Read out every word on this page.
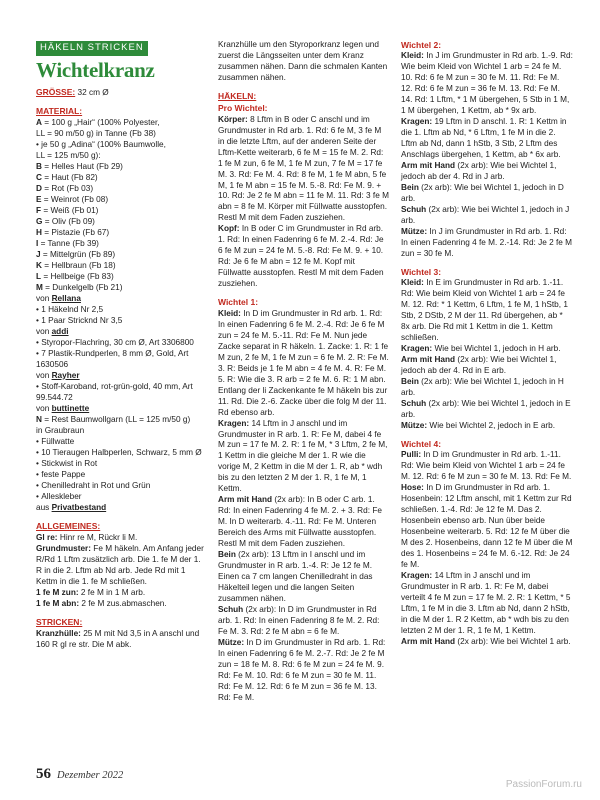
HÄKELN STRICKEN
Wichtelkranz
GRÖSSE: 32 cm Ø
MATERIAL:
A = 100 g „Hair“ (100% Polyester,
LL = 90 m/50 g) in Tanne (Fb 38)
• je 50 g „Adina“ (100% Baumwolle,
LL = 125 m/50 g):
B = Helles Haut (Fb 29)
C = Haut (Fb 82)
D = Rot (Fb 03)
E = Weinrot (Fb 08)
F = Weiß (Fb 01)
G = Oliv (Fb 09)
H = Pistazie (Fb 67)
I = Tanne (Fb 39)
J = Mittelgrün (Fb 89)
K = Hellbraun (Fb 18)
L = Hellbeige (Fb 83)
M = Dunkelgelb (Fb 21)
von Rellana
• 1 Häkelnd Nr 2,5
• 1 Paar Stricknd Nr 3,5
von addi
• Styropor-Flachring, 30 cm Ø, Art 3306800
• 7 Plastik-Rundperlen, 8 mm Ø, Gold, Art 1630506
von Rayher
• Stoff-Karoband, rot-grün-gold, 40 mm, Art 99.544.72
von buttinette
N = Rest Baumwollgarn (LL = 125 m/50 g)
in Graubraun
• Füllwatte
• 10 Tieraugen Halbperlen, Schwarz, 5 mm Ø
• Stickwist in Rot
• feste Pappe
• Chenilledraht in Rot und Grün
• Alleskleber
aus Privatbestand
ALLGEMEINES:
Gl re: Hinr re M, Rückr li M.
Grundmuster: Fe M häkeln. Am Anfang jeder R/Rd 1 Lftm zusätzlich arb. Die 1. fe M der 1. R in die 2. Lftm ab Nd arb. Jede Rd mit 1 Kettm in die 1. fe M schließen.
1 fe M zun: 2 fe M in 1 M arb.
1 fe M abn: 2 fe M zus.abmaschen.
STRICKEN:
Kranzhülle: 25 M mit Nd 3,5 in A anschl und 160 R gl re str. Die M abk.
Kranzhülle um den Styroporkranz legen und zuerst die Längsseiten unter dem Kranz zusammen nähen. Dann die schmalen Kanten zusammen nähen.
HÄKELN:
Pro Wichtel:
Körper: 8 Lftm in B oder C anschl und im Grundmuster in Rd arb. 1. Rd: 6 fe M, 3 fe M in die letzte Lftm, auf der anderen Seite der Lftm-Kette weiterarb, 6 fe M = 15 fe M. 2. Rd: 1 fe M zun, 6 fe M, 1 fe M zun, 7 fe M = 17 fe M. 3. Rd: Fe M. 4. Rd: 8 fe M, 1 fe M abn, 5 fe M, 1 fe M abn = 15 fe M. 5.-8. Rd: Fe M. 9. + 10. Rd: Je 2 fe M abn = 11 fe M. 11. Rd: 3 fe M abn = 8 fe M. Körper mit Füllwatte ausstopfen. Restl M mit dem Faden zusziehen.
Kopf: In B oder C im Grundmuster in Rd arb. 1. Rd: In einen Fadenring 6 fe M. 2.-4. Rd: Je 6 fe M zun = 24 fe M. 5.-8. Rd: Fe M. 9. + 10. Rd: Je 6 fe M abn = 12 fe M. Kopf mit Füllwatte ausstopfen. Restl M mit dem Faden zusziehen.
Wichtel 1:
Kleid: In D im Grundmuster in Rd arb. 1. Rd: In einen Fadenring 6 fe M. 2.-4. Rd: Je 6 fe M zun = 24 fe M. 5.-11. Rd: Fe M. Nun jede Zacke separat in R häkeln. 1. Zacke: 1. R: 1 fe M zun, 2 fe M, 1 fe M zun = 6 fe M. 2. R: Fe M. 3. R: Beids je 1 fe M abn = 4 fe M. 4. R: Fe M. 5. R: Wie die 3. R arb = 2 fe M. 6. R: 1 M abn. Entlang der li Zackenkante fe M häkeln bis zur 11. Rd. Die 2.-6. Zacke über die folg M der 11. Rd ebenso arb.
Kragen: 14 Lftm in J anschl und im Grundmuster in R arb. 1. R: Fe M, dabei 4 fe M zun = 17 fe M. 2. R: 1 fe M, * 3 Lftm, 2 fe M, 1 Kettm in die gleiche M der 1. R wie die vorige M, 2 Kettm in die M der 1. R, ab * wdh bis zu den letzten 2 M der 1. R, 1 fe M, 1 Kettm.
Arm mit Hand (2x arb): In B oder C arb. 1. Rd: In einen Fadenring 4 fe M. 2. + 3. Rd: Fe M. In D weiterarb. 4.-11. Rd: Fe M. Unteren Bereich des Arms mit Füllwatte ausstopfen. Restl M mit dem Faden zusziehen.
Bein (2x arb): 13 Lftm in I anschl und im Grundmuster in R arb. 1.-4. R: Je 12 fe M. Einen ca 7 cm langen Chenilledraht in das Häkelteil legen und die langen Seiten zusammen nähen.
Schuh (2x arb): In D im Grundmuster in Rd arb. 1. Rd: In einen Fadenring 8 fe M. 2. Rd: Fe M. 3. Rd: 2 fe M abn = 6 fe M.
Mütze: In D im Grundmuster in Rd arb. 1. Rd: In einen Fadenring 6 fe M. 2.-7. Rd: Je 2 fe M zun = 18 fe M. 8. Rd: 6 fe M zun = 24 fe M. 9. Rd: Fe M. 10. Rd: 6 fe M zun = 30 fe M. 11. Rd: Fe M. 12. Rd: 6 fe M zun = 36 fe M. 13. Rd: Fe M.
Wichtel 2:
Kleid: In J im Grundmuster in Rd arb. 1.-9. Rd: Wie beim Kleid von Wichtel 1 arb = 24 fe M. 10. Rd: 6 fe M zun = 30 fe M. 11. Rd: Fe M. 12. Rd: 6 fe M zun = 36 fe M. 13. Rd: Fe M. 14. Rd: 1 Lftm, * 1 M übergehen, 5 Stb in 1 M, 1 M übergehen, 1 Kettm, ab * 9x arb.
Kragen: 19 Lftm in D anschl. 1. R: 1 Kettm in die 1. Lftm ab Nd, * 6 Lftm, 1 fe M in die 2. Lftm ab Nd, dann 1 hStb, 3 Stb, 2 Lftm des Anschlags übergehen, 1 Kettm, ab * 6x arb.
Arm mit Hand (2x arb): Wie bei Wichtel 1, jedoch ab der 4. Rd in J arb.
Bein (2x arb): Wie bei Wichtel 1, jedoch in D arb.
Schuh (2x arb): Wie bei Wichtel 1, jedoch in J arb.
Mütze: In J im Grundmuster in Rd arb. 1. Rd: In einen Fadenring 4 fe M. 2.-14. Rd: Je 2 fe M zun = 30 fe M.
Wichtel 3:
Kleid: In E im Grundmuster in Rd arb. 1.-11. Rd: Wie beim Kleid von Wichtel 1 arb = 24 fe M. 12. Rd: * 1 Kettm, 6 Lftm, 1 fe M, 1 hStb, 1 Stb, 2 DStb, 2 M der 11. Rd übergehen, ab * 8x arb. Die Rd mit 1 Kettm in die 1. Kettm schließen.
Kragen: Wie bei Wichtel 1, jedoch in H arb.
Arm mit Hand (2x arb): Wie bei Wichtel 1, jedoch ab der 4. Rd in E arb.
Bein (2x arb): Wie bei Wichtel 1, jedoch in H arb.
Schuh (2x arb): Wie bei Wichtel 1, jedoch in E arb.
Mütze: Wie bei Wichtel 2, jedoch in E arb.
Wichtel 4:
Pulli: In D im Grundmuster in Rd arb. 1.-11. Rd: Wie beim Kleid von Wichtel 1 arb = 24 fe M. 12. Rd: 6 fe M zun = 30 fe M. 13. Rd: Fe M.
Hose: In D im Grundmuster in Rd arb. 1. Hosenbein: 12 Lftm anschl, mit 1 Kettm zur Rd schließen. 1.-4. Rd: Je 12 fe M. Das 2. Hosenbein ebenso arb. Nun über beide Hosenbeine weiterarb. 5. Rd: 12 fe M über die M des 2. Hosenbeins, dann 12 fe M über die M des 1. Hosenbeins = 24 fe M. 6.-12. Rd: Je 24 fe M.
Kragen: 14 Lftm in J anschl und im Grundmuster in R arb. 1. R: Fe M, dabei verteilt 4 fe M zun = 17 fe M. 2. R: 1 Kettm, * 5 Lftm, 1 fe M in die 3. Lftm ab Nd, dann 2 hStb, in die M der 1. R 2 Kettm, ab * wdh bis zu den letzten 2 M der 1. R, 1 fe M, 1 Kettm.
Arm mit Hand (2x arb): Wie bei Wichtel 1 arb.
56 Dezember 2022
PassionForum.ru
